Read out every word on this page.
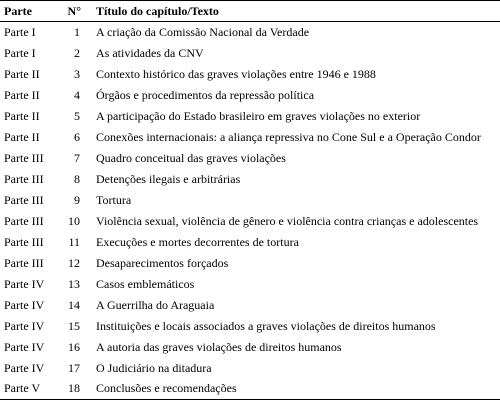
Parte	N°	Título do capítulo/Texto
Parte I	1	A criação da Comissão Nacional da Verdade
Parte I	2	As atividades da CNV
Parte II	3	Contexto histórico das graves violações entre 1946 e 1988
Parte II	4	Órgãos e procedimentos da repressão política
Parte II	5	A participação do Estado brasileiro em graves violações no exterior
Parte II	6	Conexões internacionais: a aliança repressiva no Cone Sul e a Operação Condor
Parte III	7	Quadro conceitual das graves violações
Parte III	8	Detenções ilegais e arbitrárias
Parte III	9	Tortura
Parte III	10	Violência sexual, violência de gênero e violência contra crianças e adolescentes
Parte III	11	Execuções e mortes decorrentes de tortura
Parte III	12	Desaparecimentos forçados
Parte IV	13	Casos emblemáticos
Parte IV	14	A Guerrilha do Araguaia
Parte IV	15	Instituições e locais associados a graves violações de direitos humanos
Parte IV	16	A autoria das graves violações de direitos humanos
Parte IV	17	O Judiciário na ditadura
Parte V	18	Conclusões e recomendações
